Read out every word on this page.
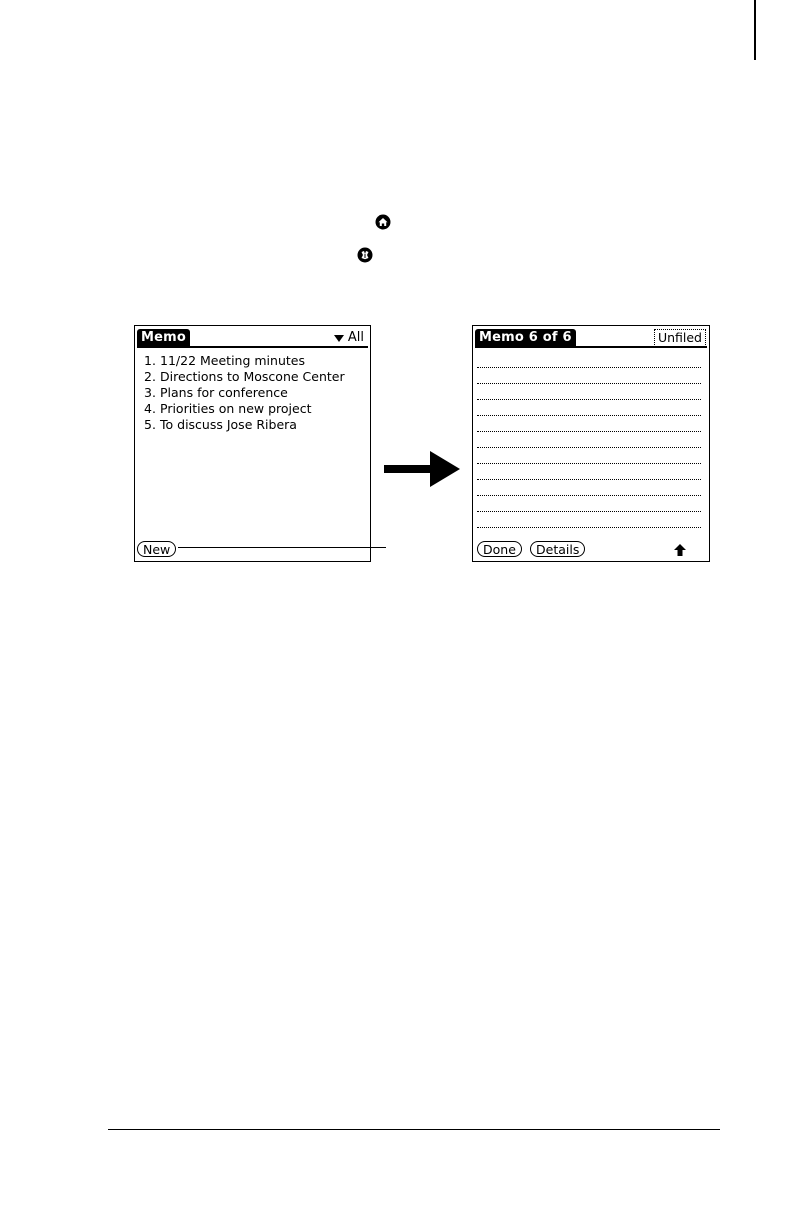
Memo	All
1. 11/22 Meeting minutes
2. Directions to Moscone Center
3. Plans for conference
4. Priorities on new project
5. To discuss Jose Ribera
New
Memo 6 of 6	Unfiled
Done	Details
